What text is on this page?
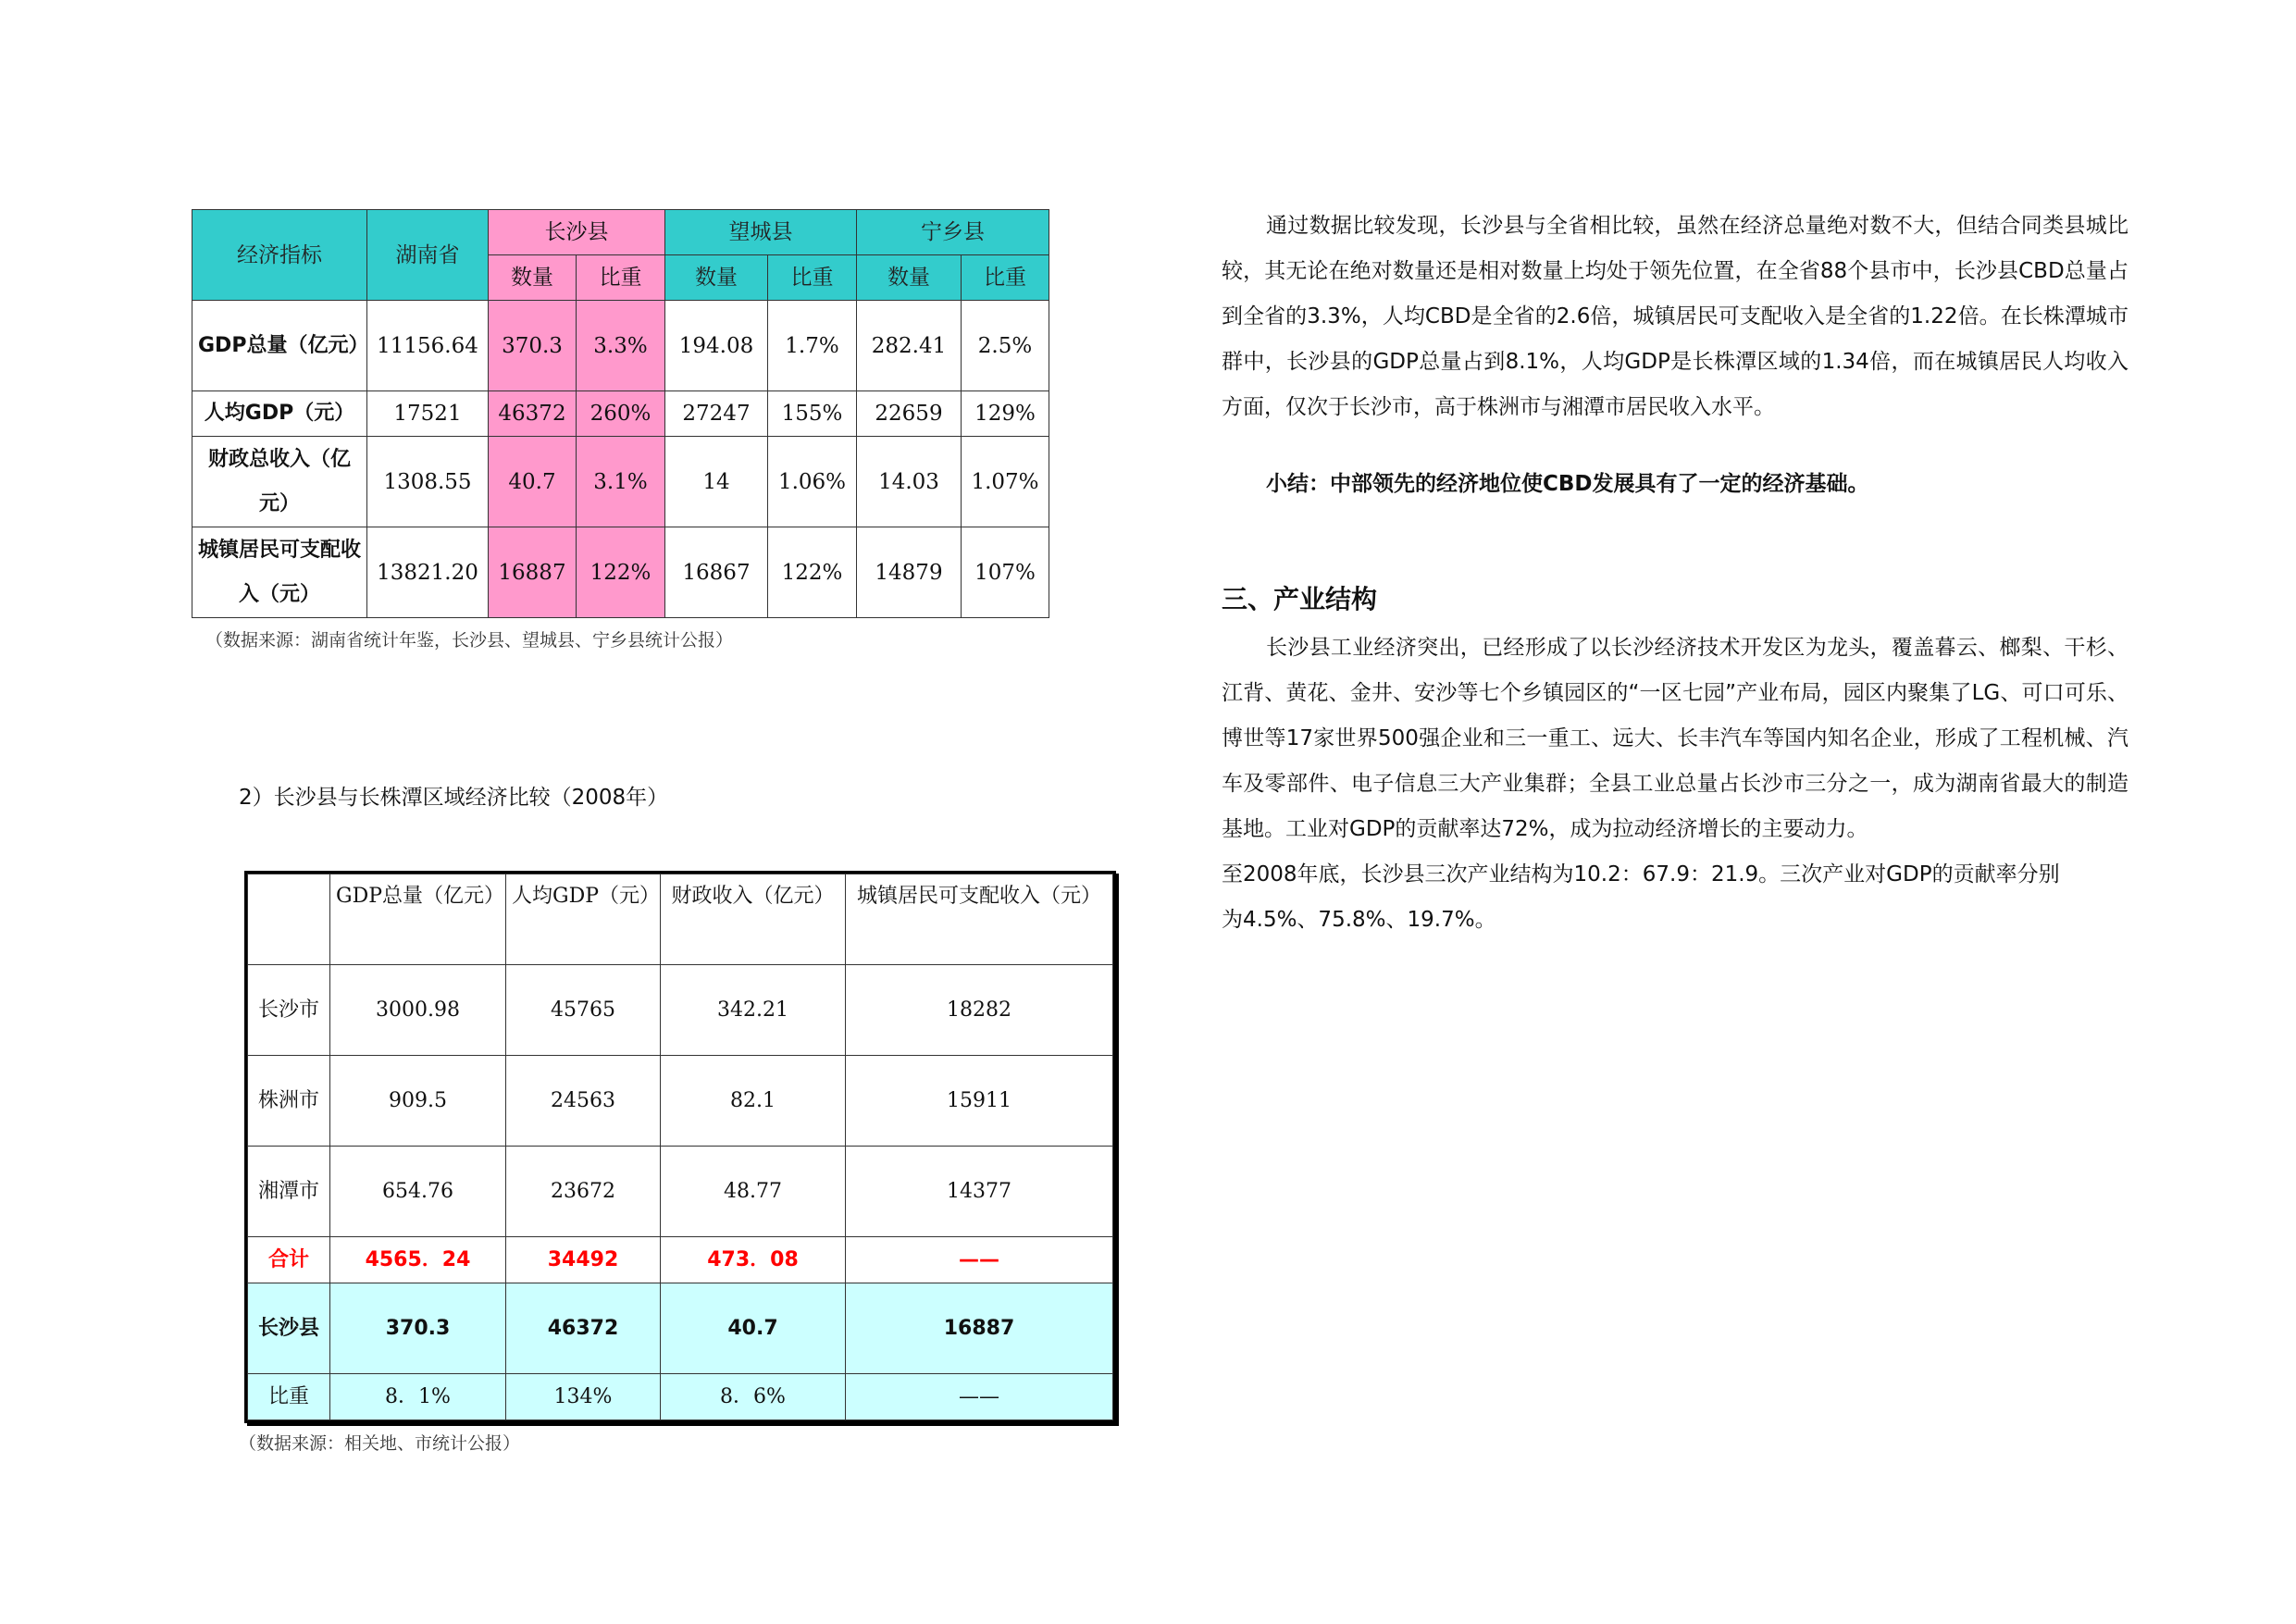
经济指标	湖南省	长沙县		望城县		宁乡县	
		数量	比重	数量	比重	数量	比重
GDP总量（亿元）	11156.64	370.3	3.3%	194.08	1.7%	282.41	2.5%
人均GDP（元）	17521	46372	260%	27247	155%	22659	129%
财政总收入（亿元）	1308.55	40.7	3.1%	14	1.06%	14.03	1.07%
城镇居民可支配收入（元）	13821.20	16887	122%	16867	122%	14879	107%
（数据来源：湖南省统计年鉴，长沙县、望城县、宁乡县统计公报）
2）长沙县与长株潭区域经济比较（2008年）
	GDP总量（亿元）	人均GDP（元）	财政收入（亿元）	城镇居民可支配收入（元）
长沙市	3000.98	45765	342.21	18282
株洲市	909.5	24563	82.1	15911
湘潭市	654.76	23672	48.77	14377
合计	4565．24	34492	473．08	——
长沙县	370.3	46372	40.7	16887
比重	8．1%	134%	8．6%	——
（数据来源：相关地、市统计公报）

通过数据比较发现，长沙县与全省相比较，虽然在经济总量绝对数不大，但结合同类县城比较，其无论在绝对数量还是相对数量上均处于领先位置，在全省88个县市中，长沙县CBD总量占到全省的3.3%，人均CBD是全省的2.6倍，城镇居民可支配收入是全省的1.22倍。在长株潭城市群中，长沙县的GDP总量占到8.1%，人均GDP是长株潭区域的1.34倍，而在城镇居民人均收入方面，仅次于长沙市，高于株洲市与湘潭市居民收入水平。

小结：中部领先的经济地位使CBD发展具有了一定的经济基础。
三、产业结构

长沙县工业经济突出，已经形成了以长沙经济技术开发区为龙头，覆盖暮云、榔梨、干杉、江背、黄花、金井、安沙等七个乡镇园区的“一区七园”产业布局，园区内聚集了LG、可口可乐、博世等17家世界500强企业和三一重工、远大、长丰汽车等国内知名企业，形成了工程机械、汽车及零部件、电子信息三大产业集群；全县工业总量占长沙市三分之一，成为湖南省最大的制造基地。工业对GDP的贡献率达72%，成为拉动经济增长的主要动力。

至2008年底，长沙县三次产业结构为10.2：67.9：21.9。三次产业对GDP的贡献率分别
为4.5%、75.8%、19.7%。
